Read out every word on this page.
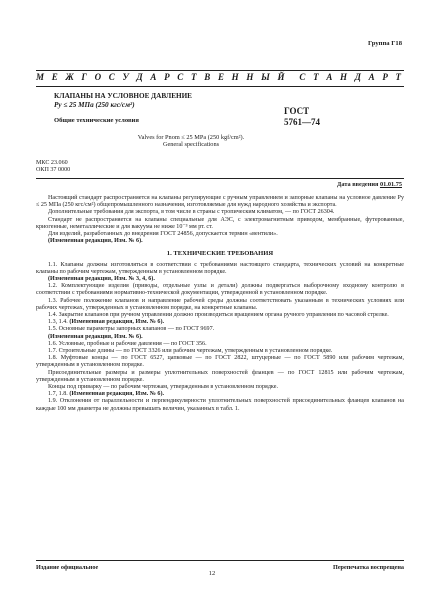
Группа Г18
М Е Ж Г О С У Д А Р С Т В Е Н Н Ы Й С Т А Н Д А Р Т
КЛАПАНЫ НА УСЛОВНОЕ ДАВЛЕНИЕ
Pу ≤ 25 МПа (250 кгс/см²)
Общие технические условия
ГОСТ
5761—74
Valves for Pnom ≤ 25 MPa (250 kgf/cm²).
General specifications
МКС 23.060
ОКП 37 0000
Дата введения 01.01.75

Настоящий стандарт распространяется на клапаны регулирующие с ручным управлением и запорные клапаны на условное давление Pу ≤ 25 МПа (250 кгс/см²) общепромышленного назначения, изготовляемые для нужд народного хозяйства и экспорта.

Дополнительные требования для экспорта, в том числе в страны с тропическим климатом, — по ГОСТ 26304.

Стандарт не распространяется на клапаны специальные для АЭС, с электромагнитным приводом, мембранные, футерованные, криогенные, неметаллические и для вакуума не ниже 10⁻³ мм рт. ст.

Для изделий, разработанных до внедрения ГОСТ 24856, допускается термин «вентили».

(Измененная редакция, Изм. № 6).

1. ТЕХНИЧЕСКИЕ ТРЕБОВАНИЯ

1.1. Клапаны должны изготовляться в соответствии с требованиями настоящего стандарта, технических условий на конкретные клапаны по рабочим чертежам, утвержденным в установленном порядке.

(Измененная редакция, Изм. № 3, 4, 6).

1.2. Комплектующие изделия (приводы, отдельные узлы и детали) должны подвергаться выборочному входному контролю в соответствии с требованиями нормативно-технической документации, утвержденной в установленном порядке.

1.3. Рабочее положение клапанов и направление рабочей среды должны соответствовать указанным в технических условиях или рабочих чертежах, утвержденных в установленном порядке, на конкретные клапаны.

1.4. Закрытие клапанов при ручном управлении должно производиться вращением органа ручного управления по часовой стрелке.

1.3, 1.4. (Измененная редакция, Изм. № 6).

1.5. Основные параметры запорных клапанов — по ГОСТ 9697.

(Измененная редакция, Изм. № 6).

1.6. Условные, пробные и рабочие давления — по ГОСТ 356.

1.7. Строительные длины — по ГОСТ 3326 или рабочим чертежам, утвержденным в установленном порядке.

1.8. Муфтовые концы — по ГОСТ 6527, цапковые — по ГОСТ 2822, штуцерные — по ГОСТ 5890 или рабочим чертежам, утвержденным в установленном порядке.

Присоединительные размеры и размеры уплотнительных поверхностей фланцев — по ГОСТ 12815 или рабочим чертежам, утвержденным в установленном порядке.

Концы под приварку — по рабочим чертежам, утвержденным в установленном порядке.

1.7, 1.8. (Измененная редакция, Изм. № 6).

1.9. Отклонения от параллельности и перпендикулярности уплотнительных поверхностей присоединительных фланцев клапанов на каждые 100 мм диаметра не должны превышать величин, указанных в табл. 1.

Издание официальное	Перепечатка воспрещена
12
